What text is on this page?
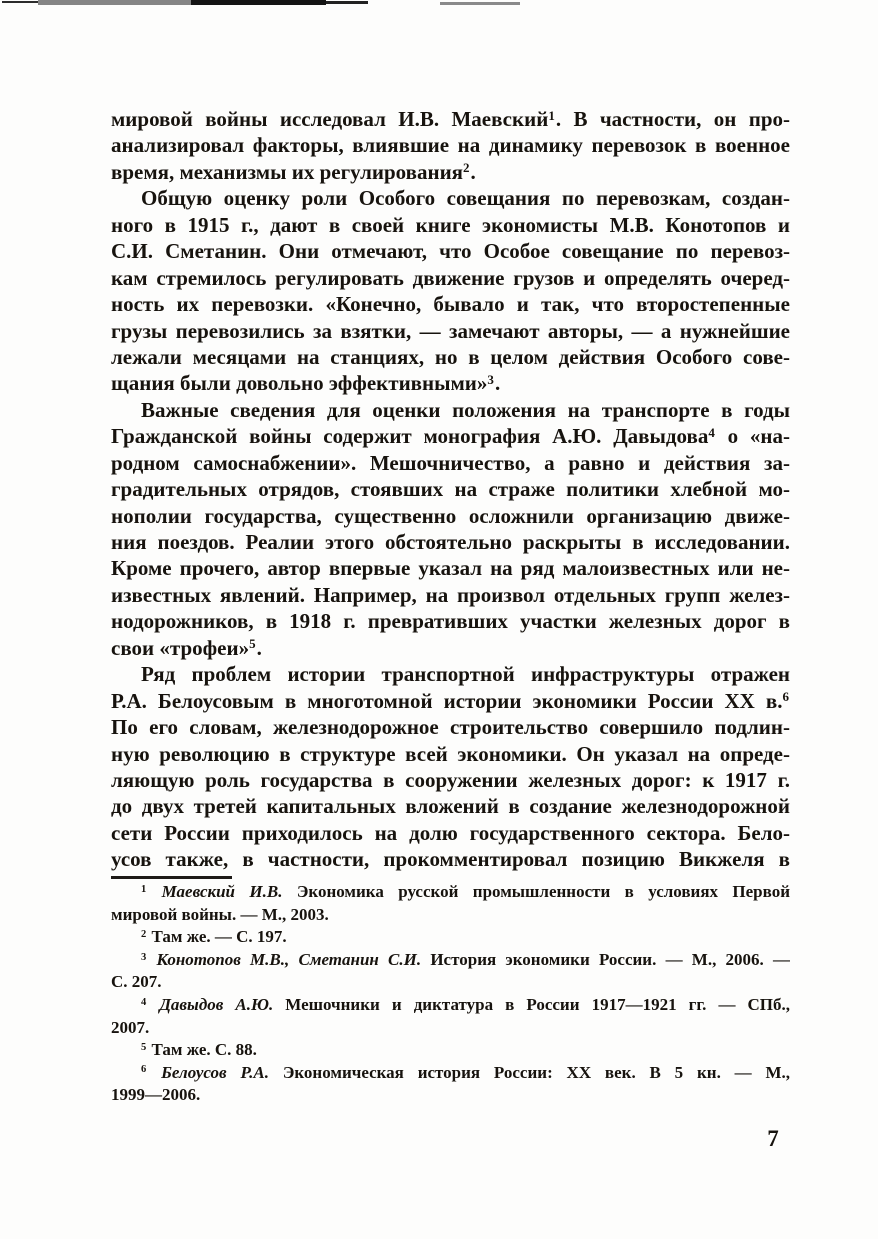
мировой войны исследовал И.В. Маевский$^1$. В частности, он про-
анализировал факторы, влиявшие на динамику перевозок в военное
время, механизмы их регулирования$^2$.
Общую оценку роли Особого совещания по перевозкам, создан-
ного в 1915 г., дают в своей книге экономисты М.В. Конотопов и
С.И. Сметанин. Они отмечают, что Особое совещание по перевоз-
кам стремилось регулировать движение грузов и определять очеред-
ность их перевозки. «Конечно, бывало и так, что второстепенные
грузы перевозились за взятки, — замечают авторы, — а нужнейшие
лежали месяцами на станциях, но в целом действия Особого сове-
щания были довольно эффективными»$^3$.
Важные сведения для оценки положения на транспорте в годы
Гражданской войны содержит монография А.Ю. Давыдова$^4$ о «на-
родном самоснабжении». Мешочничество, а равно и действия за-
градительных отрядов, стоявших на страже политики хлебной мо-
нополии государства, существенно осложнили организацию движе-
ния поездов. Реалии этого обстоятельно раскрыты в исследовании.
Кроме прочего, автор впервые указал на ряд малоизвестных или не-
известных явлений. Например, на произвол отдельных групп желез-
нодорожников, в 1918 г. превративших участки железных дорог в
свои «трофеи»$^5$.
Ряд проблем истории транспортной инфраструктуры отражен
Р.А. Белоусовым в многотомной истории экономики России XX в.$^6$
По его словам, железнодорожное строительство совершило подлин-
ную революцию в структуре всей экономики. Он указал на опреде-
ляющую роль государства в сооружении железных дорог: к 1917 г.
до двух третей капитальных вложений в создание железнодорожной
сети России приходилось на долю государственного сектора. Бело-
усов также, в частности, прокомментировал позицию Викжеля в
$^1$ Маевский И.В. Экономика русской промышленности в условиях Первой
мировой войны. — М., 2003.
$^2$ Там же. — С. 197.
$^3$ Конотопов М.В., Сметанин С.И. История экономики России. — М., 2006. —
С. 207.
$^4$ Давыдов А.Ю. Мешочники и диктатура в России 1917—1921 гг. — СПб.,
2007.
$^5$ Там же. С. 88.
$^6$ Белоусов Р.А. Экономическая история России: XX век. В 5 кн. — М.,
1999—2006.
7
